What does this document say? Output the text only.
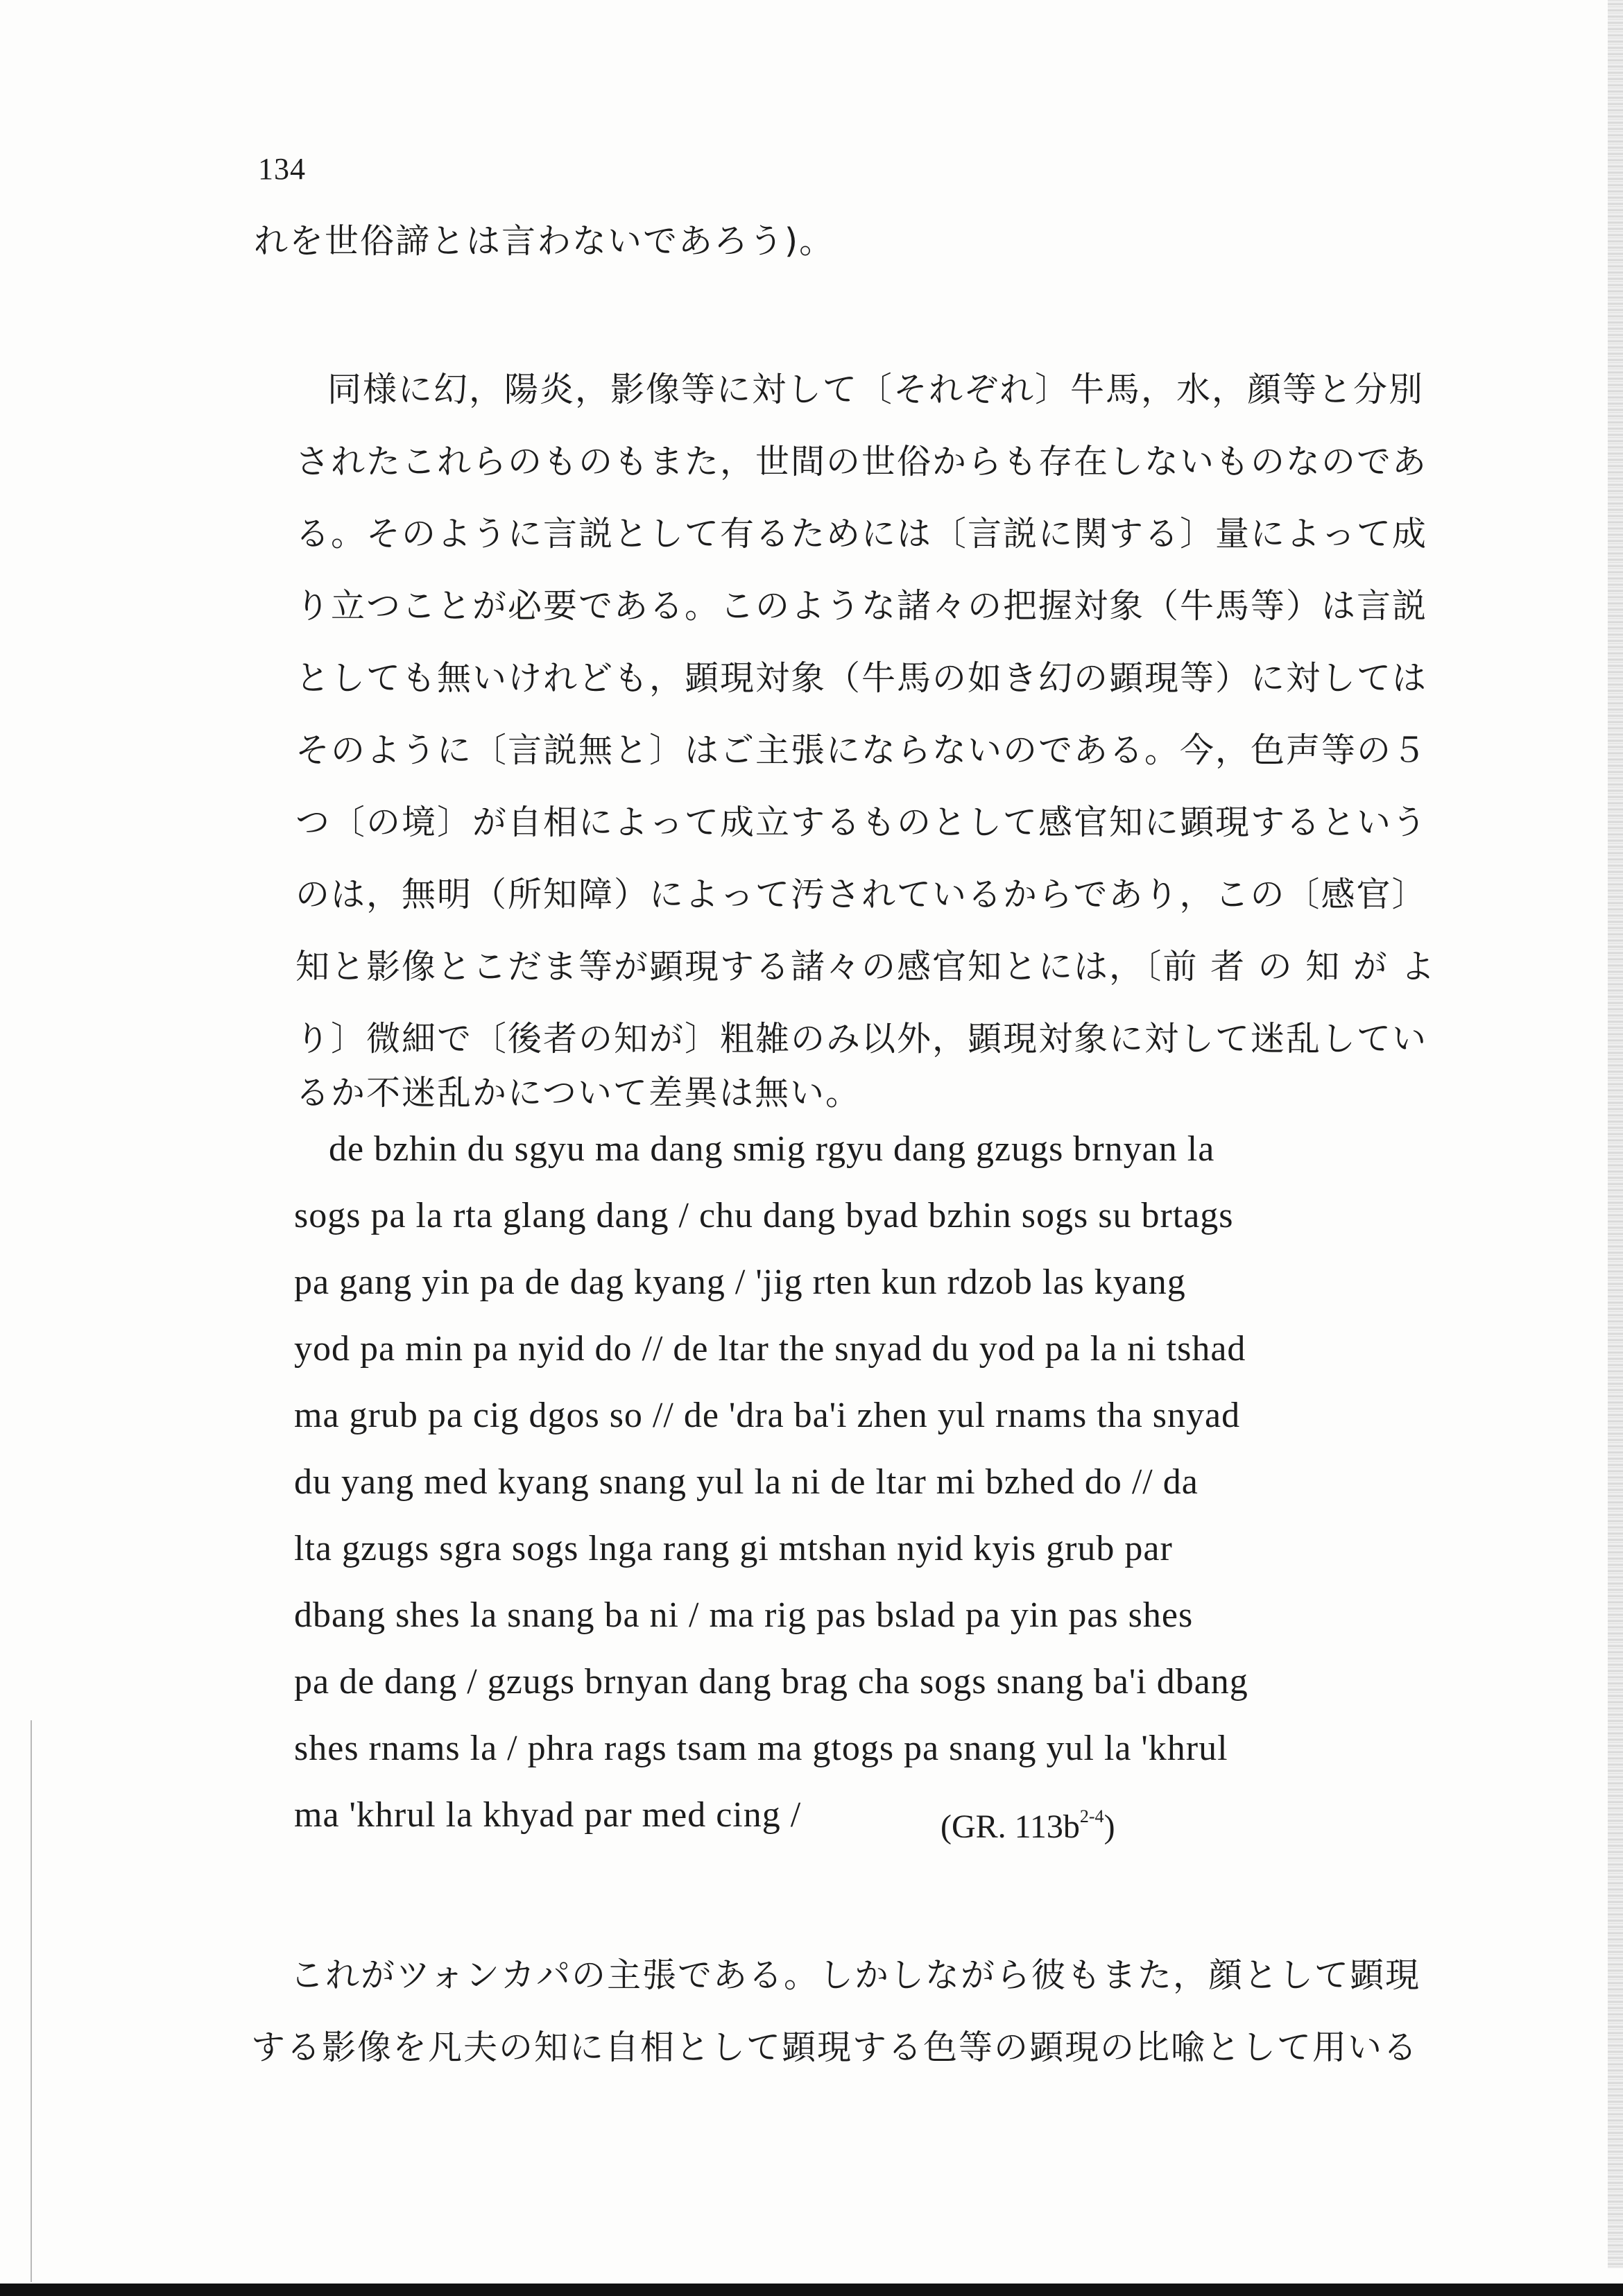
134
れを世俗諦とは言わないであろう)。
同様に幻，陽炎，影像等に対して〔それぞれ〕牛馬，水，顔等と分別
されたこれらのものもまた，世間の世俗からも存在しないものなのであ
る。そのように言説として有るためには〔言説に関する〕量によって成
り立つことが必要である。このような諸々の把握対象（牛馬等）は言説
としても無いけれども，顕現対象（牛馬の如き幻の顕現等）に対しては
そのように〔言説無と〕はご主張にならないのである。今，色声等の５
つ〔の境〕が自相によって成立するものとして感官知に顕現するという
のは，無明（所知障）によって汚されているからであり，この〔感官〕
知と影像とこだま等が顕現する諸々の感官知とには，〔前 者 の 知 が よ
り〕微細で〔後者の知が〕粗雑のみ以外，顕現対象に対して迷乱してい
るか不迷乱かについて差異は無い。
de bzhin du sgyu ma dang smig rgyu dang gzugs brnyan la
sogs pa la rta glang dang / chu dang byad bzhin sogs su brtags
pa gang yin pa de dag kyang / 'jig rten kun rdzob las kyang
yod pa min pa nyid do // de ltar the snyad du yod pa la ni tshad
ma grub pa cig dgos so // de 'dra ba'i zhen yul rnams tha snyad
du yang med kyang snang yul la ni de ltar mi bzhed do // da
lta gzugs sgra sogs lnga rang gi mtshan nyid kyis grub par
dbang shes la snang ba ni / ma rig pas bslad pa yin pas shes
pa de dang / gzugs brnyan dang brag cha sogs snang ba'i dbang
shes rnams la / phra rags tsam ma gtogs pa snang yul la 'khrul
ma 'khrul la khyad par med cing /	(GR. $113b^{2-4}$)
これがツォンカパの主張である。しかしながら彼もまた，顔として顕現
する影像を凡夫の知に自相として顕現する色等の顕現の比喩として用いる
